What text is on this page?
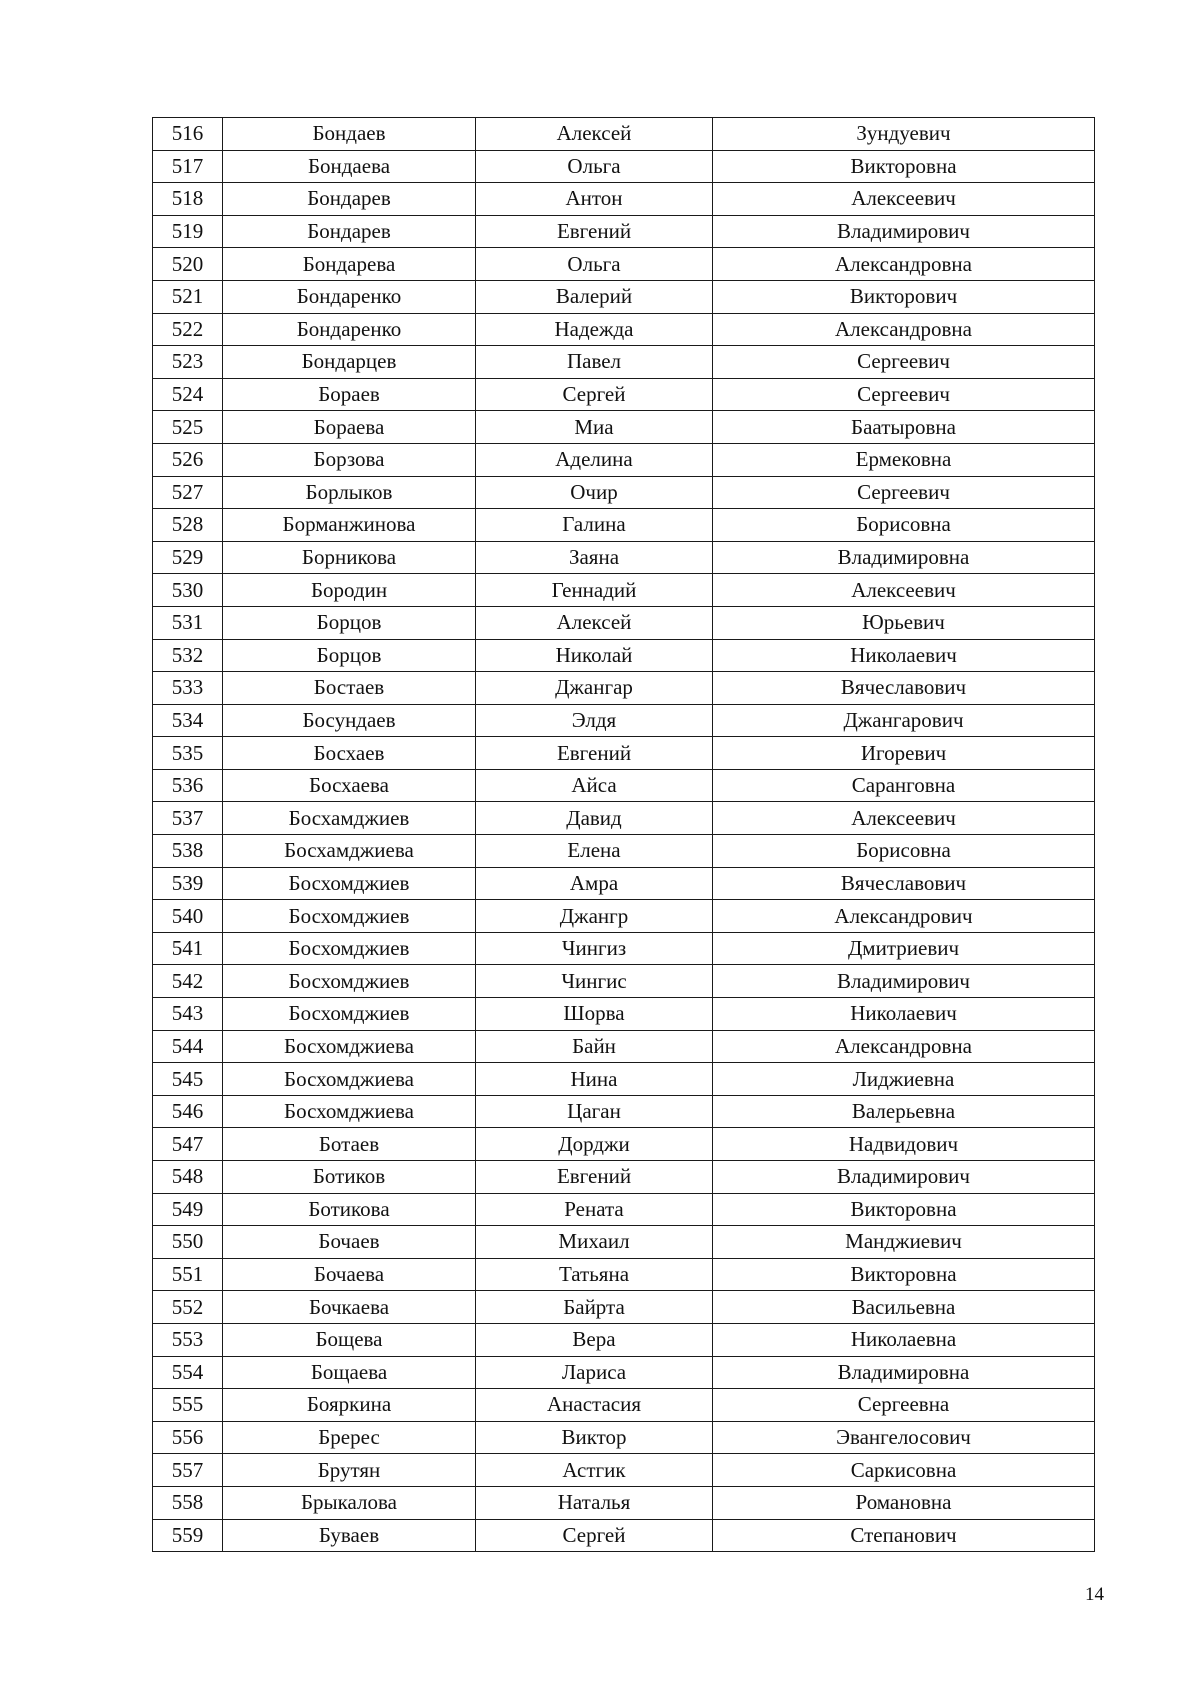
516	Бондаев	Алексей	Зундуевич
517	Бондаева	Ольга	Викторовна
518	Бондарев	Антон	Алексеевич
519	Бондарев	Евгений	Владимирович
520	Бондарева	Ольга	Александровна
521	Бондаренко	Валерий	Викторович
522	Бондаренко	Надежда	Александровна
523	Бондарцев	Павел	Сергеевич
524	Бораев	Сергей	Сергеевич
525	Бораева	Миа	Баатыровна
526	Борзова	Аделина	Ермековна
527	Борлыков	Очир	Сергеевич
528	Борманжинова	Галина	Борисовна
529	Борникова	Заяна	Владимировна
530	Бородин	Геннадий	Алексеевич
531	Борцов	Алексей	Юрьевич
532	Борцов	Николай	Николаевич
533	Бостаев	Джангар	Вячеславович
534	Босундаев	Элдя	Джангарович
535	Босхаев	Евгений	Игоревич
536	Босхаева	Айса	Саранговна
537	Босхамджиев	Давид	Алексеевич
538	Босхамджиева	Елена	Борисовна
539	Босхомджиев	Амра	Вячеславович
540	Босхомджиев	Джангр	Александрович
541	Босхомджиев	Чингиз	Дмитриевич
542	Босхомджиев	Чингис	Владимирович
543	Босхомджиев	Шорва	Николаевич
544	Босхомджиева	Байн	Александровна
545	Босхомджиева	Нина	Лиджиевна
546	Босхомджиева	Цаган	Валерьевна
547	Ботаев	Дорджи	Надвидович
548	Ботиков	Евгений	Владимирович
549	Ботикова	Рената	Викторовна
550	Бочаев	Михаил	Манджиевич
551	Бочаева	Татьяна	Викторовна
552	Бочкаева	Байрта	Васильевна
553	Бощева	Вера	Николаевна
554	Бощаева	Лариса	Владимировна
555	Бояркина	Анастасия	Сергеевна
556	Бререс	Виктор	Эвангелосович
557	Брутян	Астгик	Саркисовна
558	Брыкалова	Наталья	Романовна
559	Буваев	Сергей	Степанович
14
